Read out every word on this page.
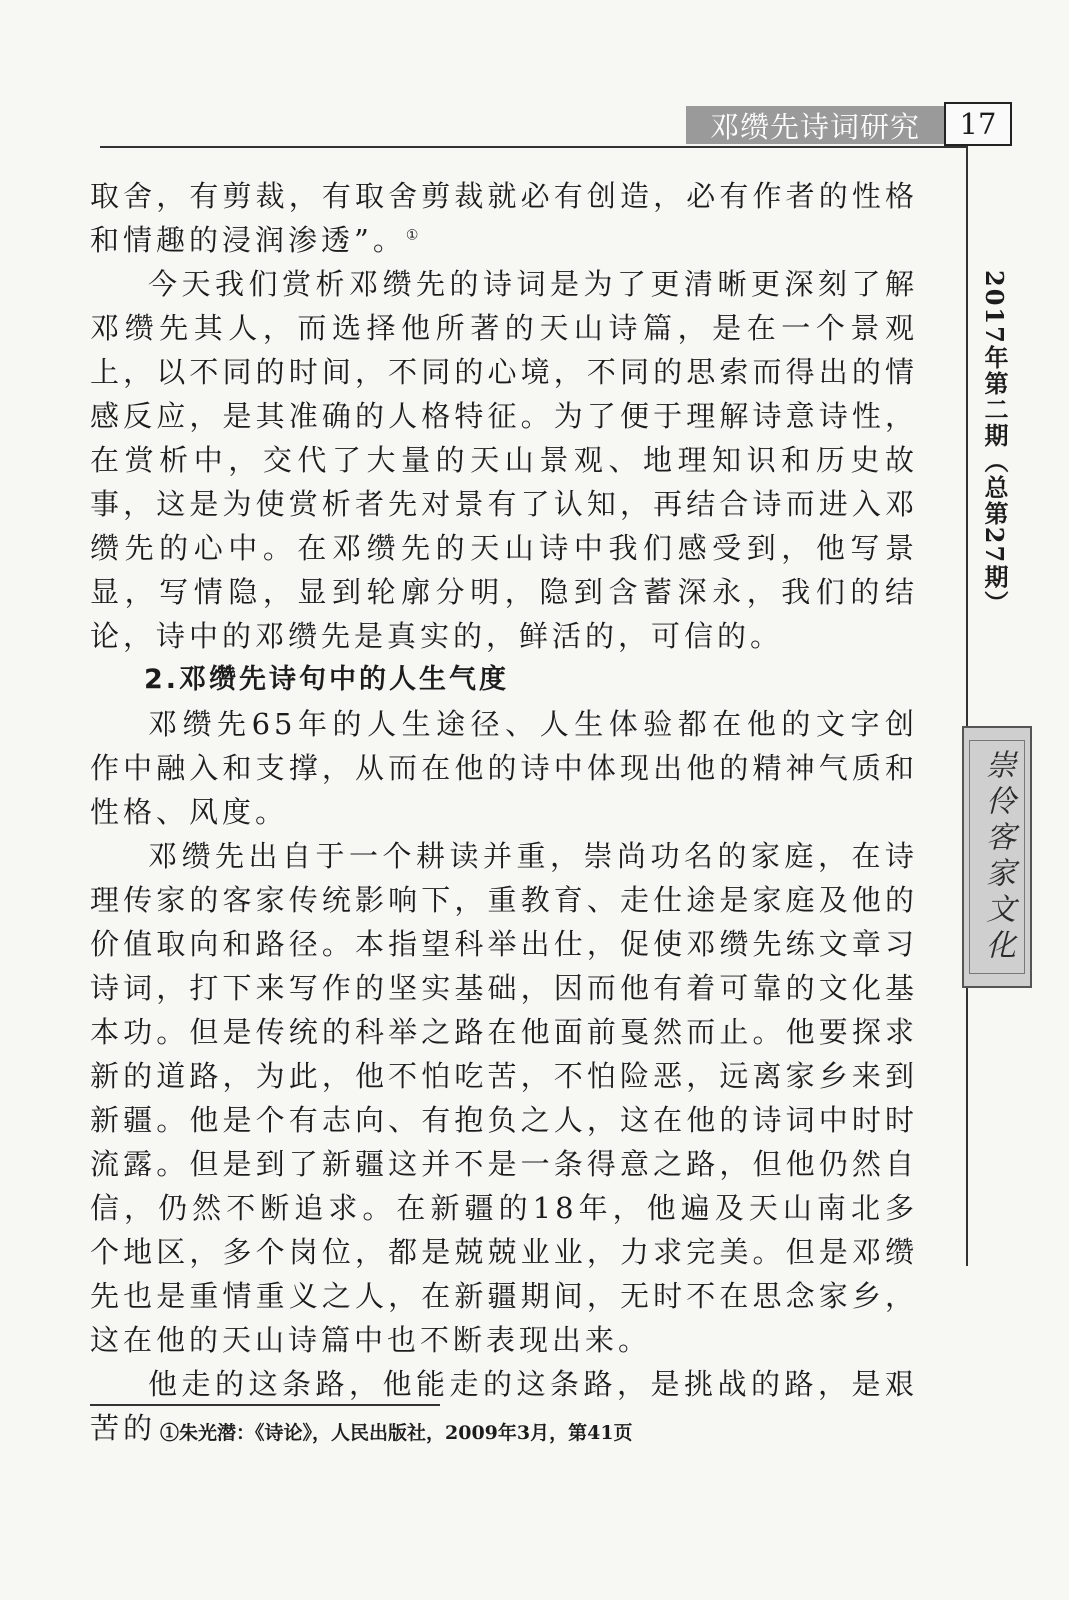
邓缵先诗词研究 17
2017年第二期（总第27期）
崇伶客家文化

取舍，有剪裁，有取舍剪裁就必有创造，必有作者的性格和情趣的浸润渗透”。①

今天我们赏析邓缵先的诗词是为了更清晰更深刻了解邓缵先其人，而选择他所著的天山诗篇，是在一个景观上，以不同的时间，不同的心境，不同的思索而得出的情感反应，是其准确的人格特征。为了便于理解诗意诗性，在赏析中，交代了大量的天山景观、地理知识和历史故事，这是为使赏析者先对景有了认知，再结合诗而进入邓缵先的心中。在邓缵先的天山诗中我们感受到，他写景显，写情隐，显到轮廓分明，隐到含蓄深永，我们的结论，诗中的邓缵先是真实的，鲜活的，可信的。

2.邓缵先诗句中的人生气度

邓缵先65年的人生途径、人生体验都在他的文字创作中融入和支撑，从而在他的诗中体现出他的精神气质和性格、风度。

邓缵先出自于一个耕读并重，崇尚功名的家庭，在诗理传家的客家传统影响下，重教育、走仕途是家庭及他的价值取向和路径。本指望科举出仕，促使邓缵先练文章习诗词，打下来写作的坚实基础，因而他有着可靠的文化基本功。但是传统的科举之路在他面前戛然而止。他要探求新的道路，为此，他不怕吃苦，不怕险恶，远离家乡来到新疆。他是个有志向、有抱负之人，这在他的诗词中时时流露。但是到了新疆这并不是一条得意之路，但他仍然自信，仍然不断追求。在新疆的18年，他遍及天山南北多个地区，多个岗位，都是兢兢业业，力求完美。但是邓缵先也是重情重义之人，在新疆期间，无时不在思念家乡，这在他的天山诗篇中也不断表现出来。

他走的这条路，他能走的这条路，是挑战的路，是艰苦的 ①朱光潜：《诗论》，人民出版社，2009年3月，第41页
